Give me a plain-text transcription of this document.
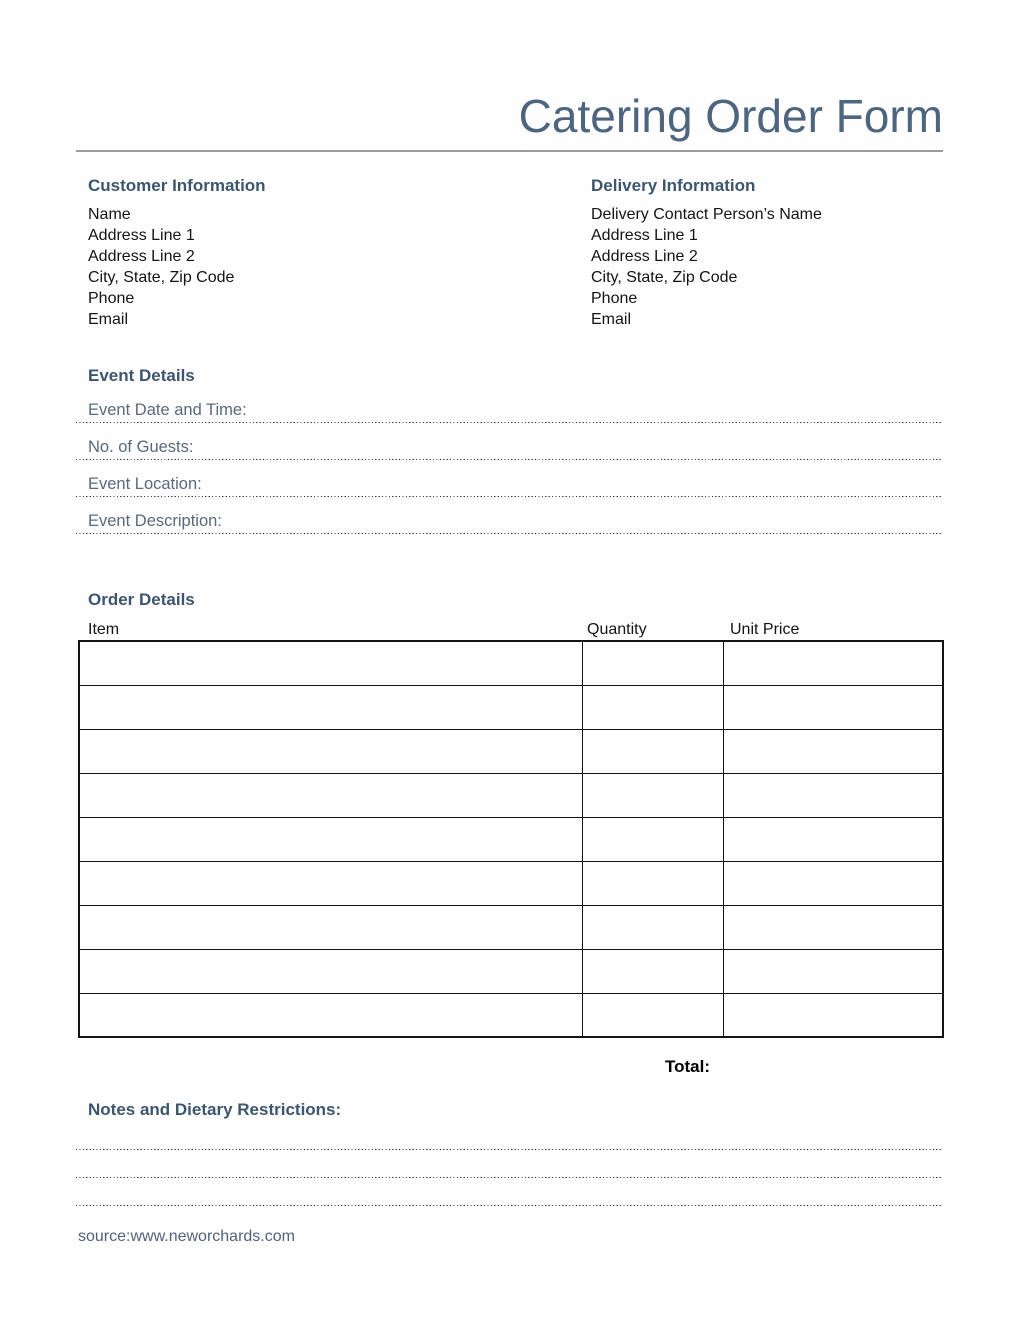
Catering Order Form
Customer Information
Name
Address Line 1
Address Line 2
City, State, Zip Code
Phone
Email
Delivery Information
Delivery Contact Person’s Name
Address Line 1
Address Line 2
City, State, Zip Code
Phone
Email
Event Details
Event Date and Time:
No. of Guests:
Event Location:
Event Description:
Order Details
Item	Quantity	Unit Price

Total:
Notes and Dietary Restrictions:
source:www.neworchards.com
